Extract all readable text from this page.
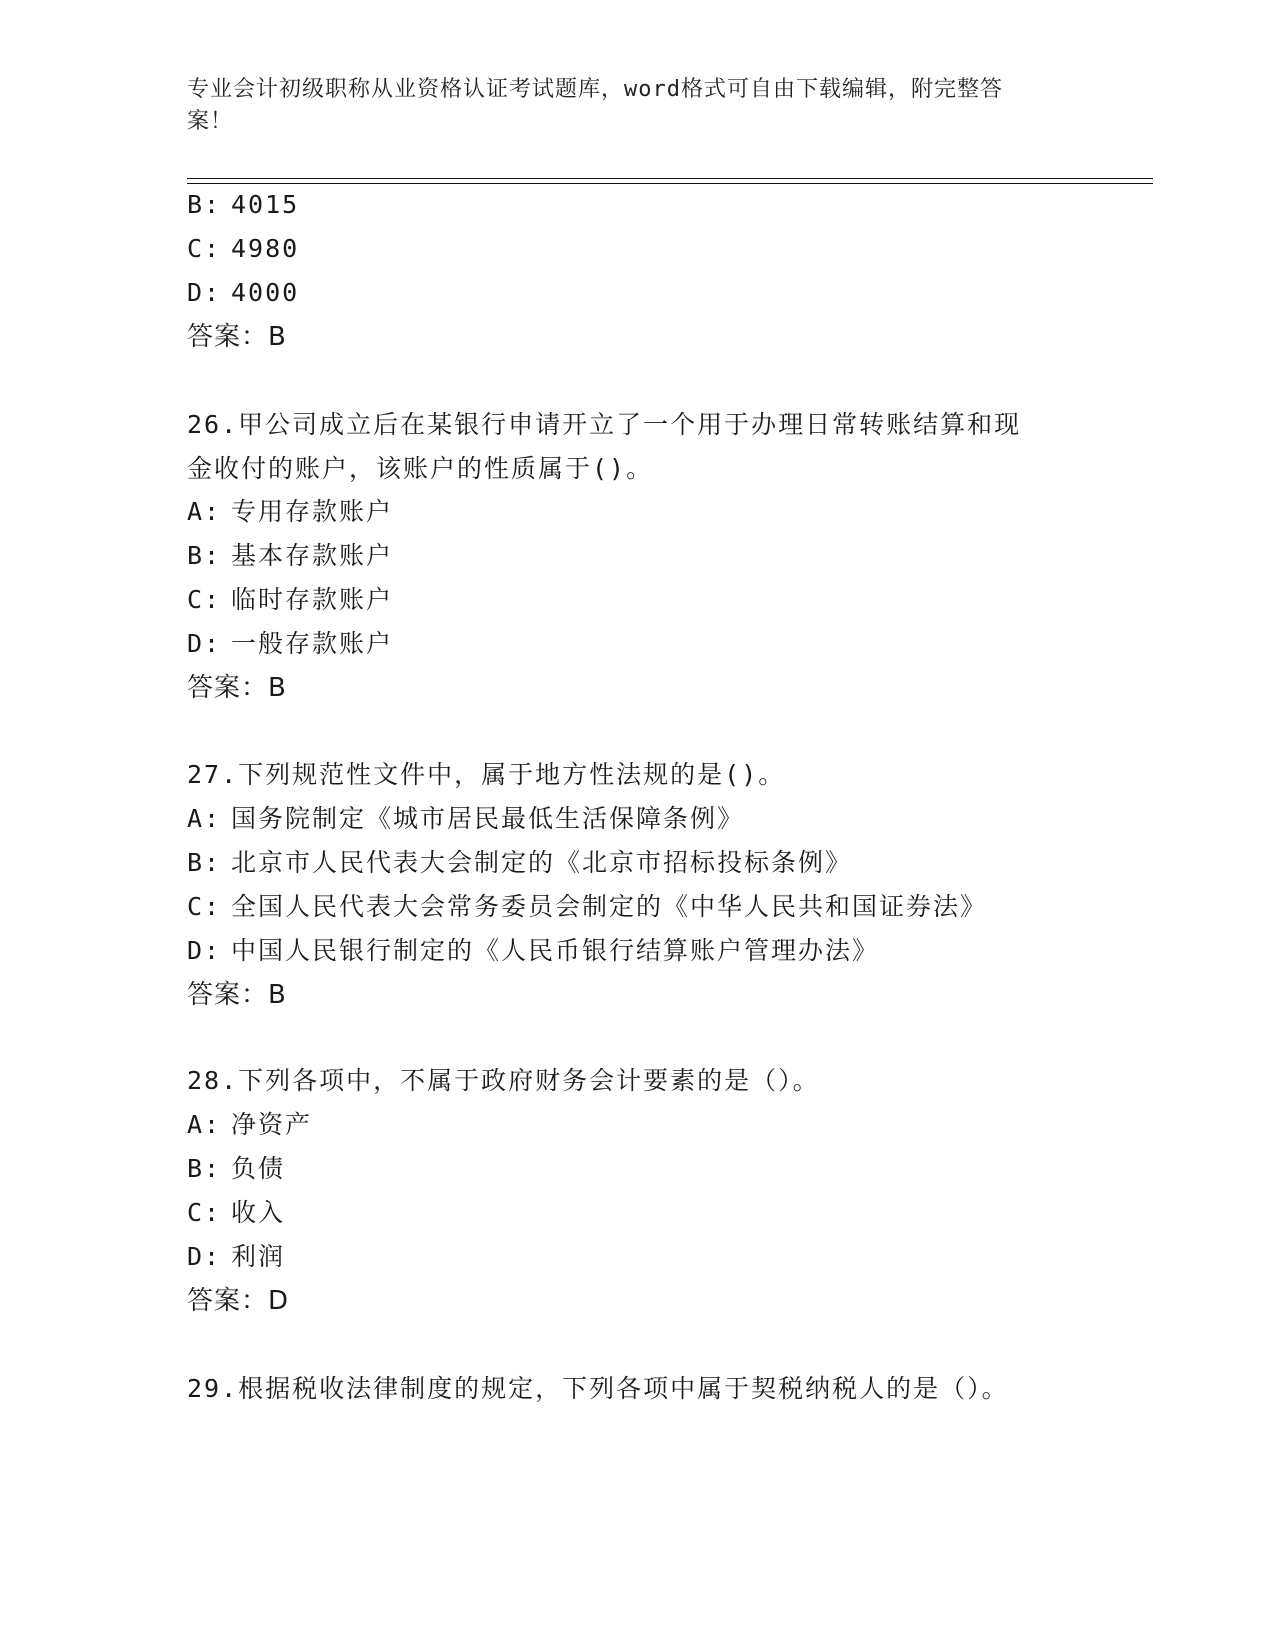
专业会计初级职称从业资格认证考试题库，word格式可自由下载编辑，附完整答
案！
B: 4015
C: 4980
D: 4000
答案：B
26.甲公司成立后在某银行申请开立了一个用于办理日常转账结算和现
金收付的账户，该账户的性质属于()。
A: 专用存款账户
B: 基本存款账户
C: 临时存款账户
D: 一般存款账户
答案：B
27.下列规范性文件中，属于地方性法规的是()。
A: 国务院制定《城市居民最低生活保障条例》
B: 北京市人民代表大会制定的《北京市招标投标条例》
C: 全国人民代表大会常务委员会制定的《中华人民共和国证券法》
D: 中国人民银行制定的《人民币银行结算账户管理办法》
答案：B
28.下列各项中，不属于政府财务会计要素的是（）。
A: 净资产
B: 负债
C: 收入
D: 利润
答案：D
29.根据税收法律制度的规定，下列各项中属于契税纳税人的是（）。
